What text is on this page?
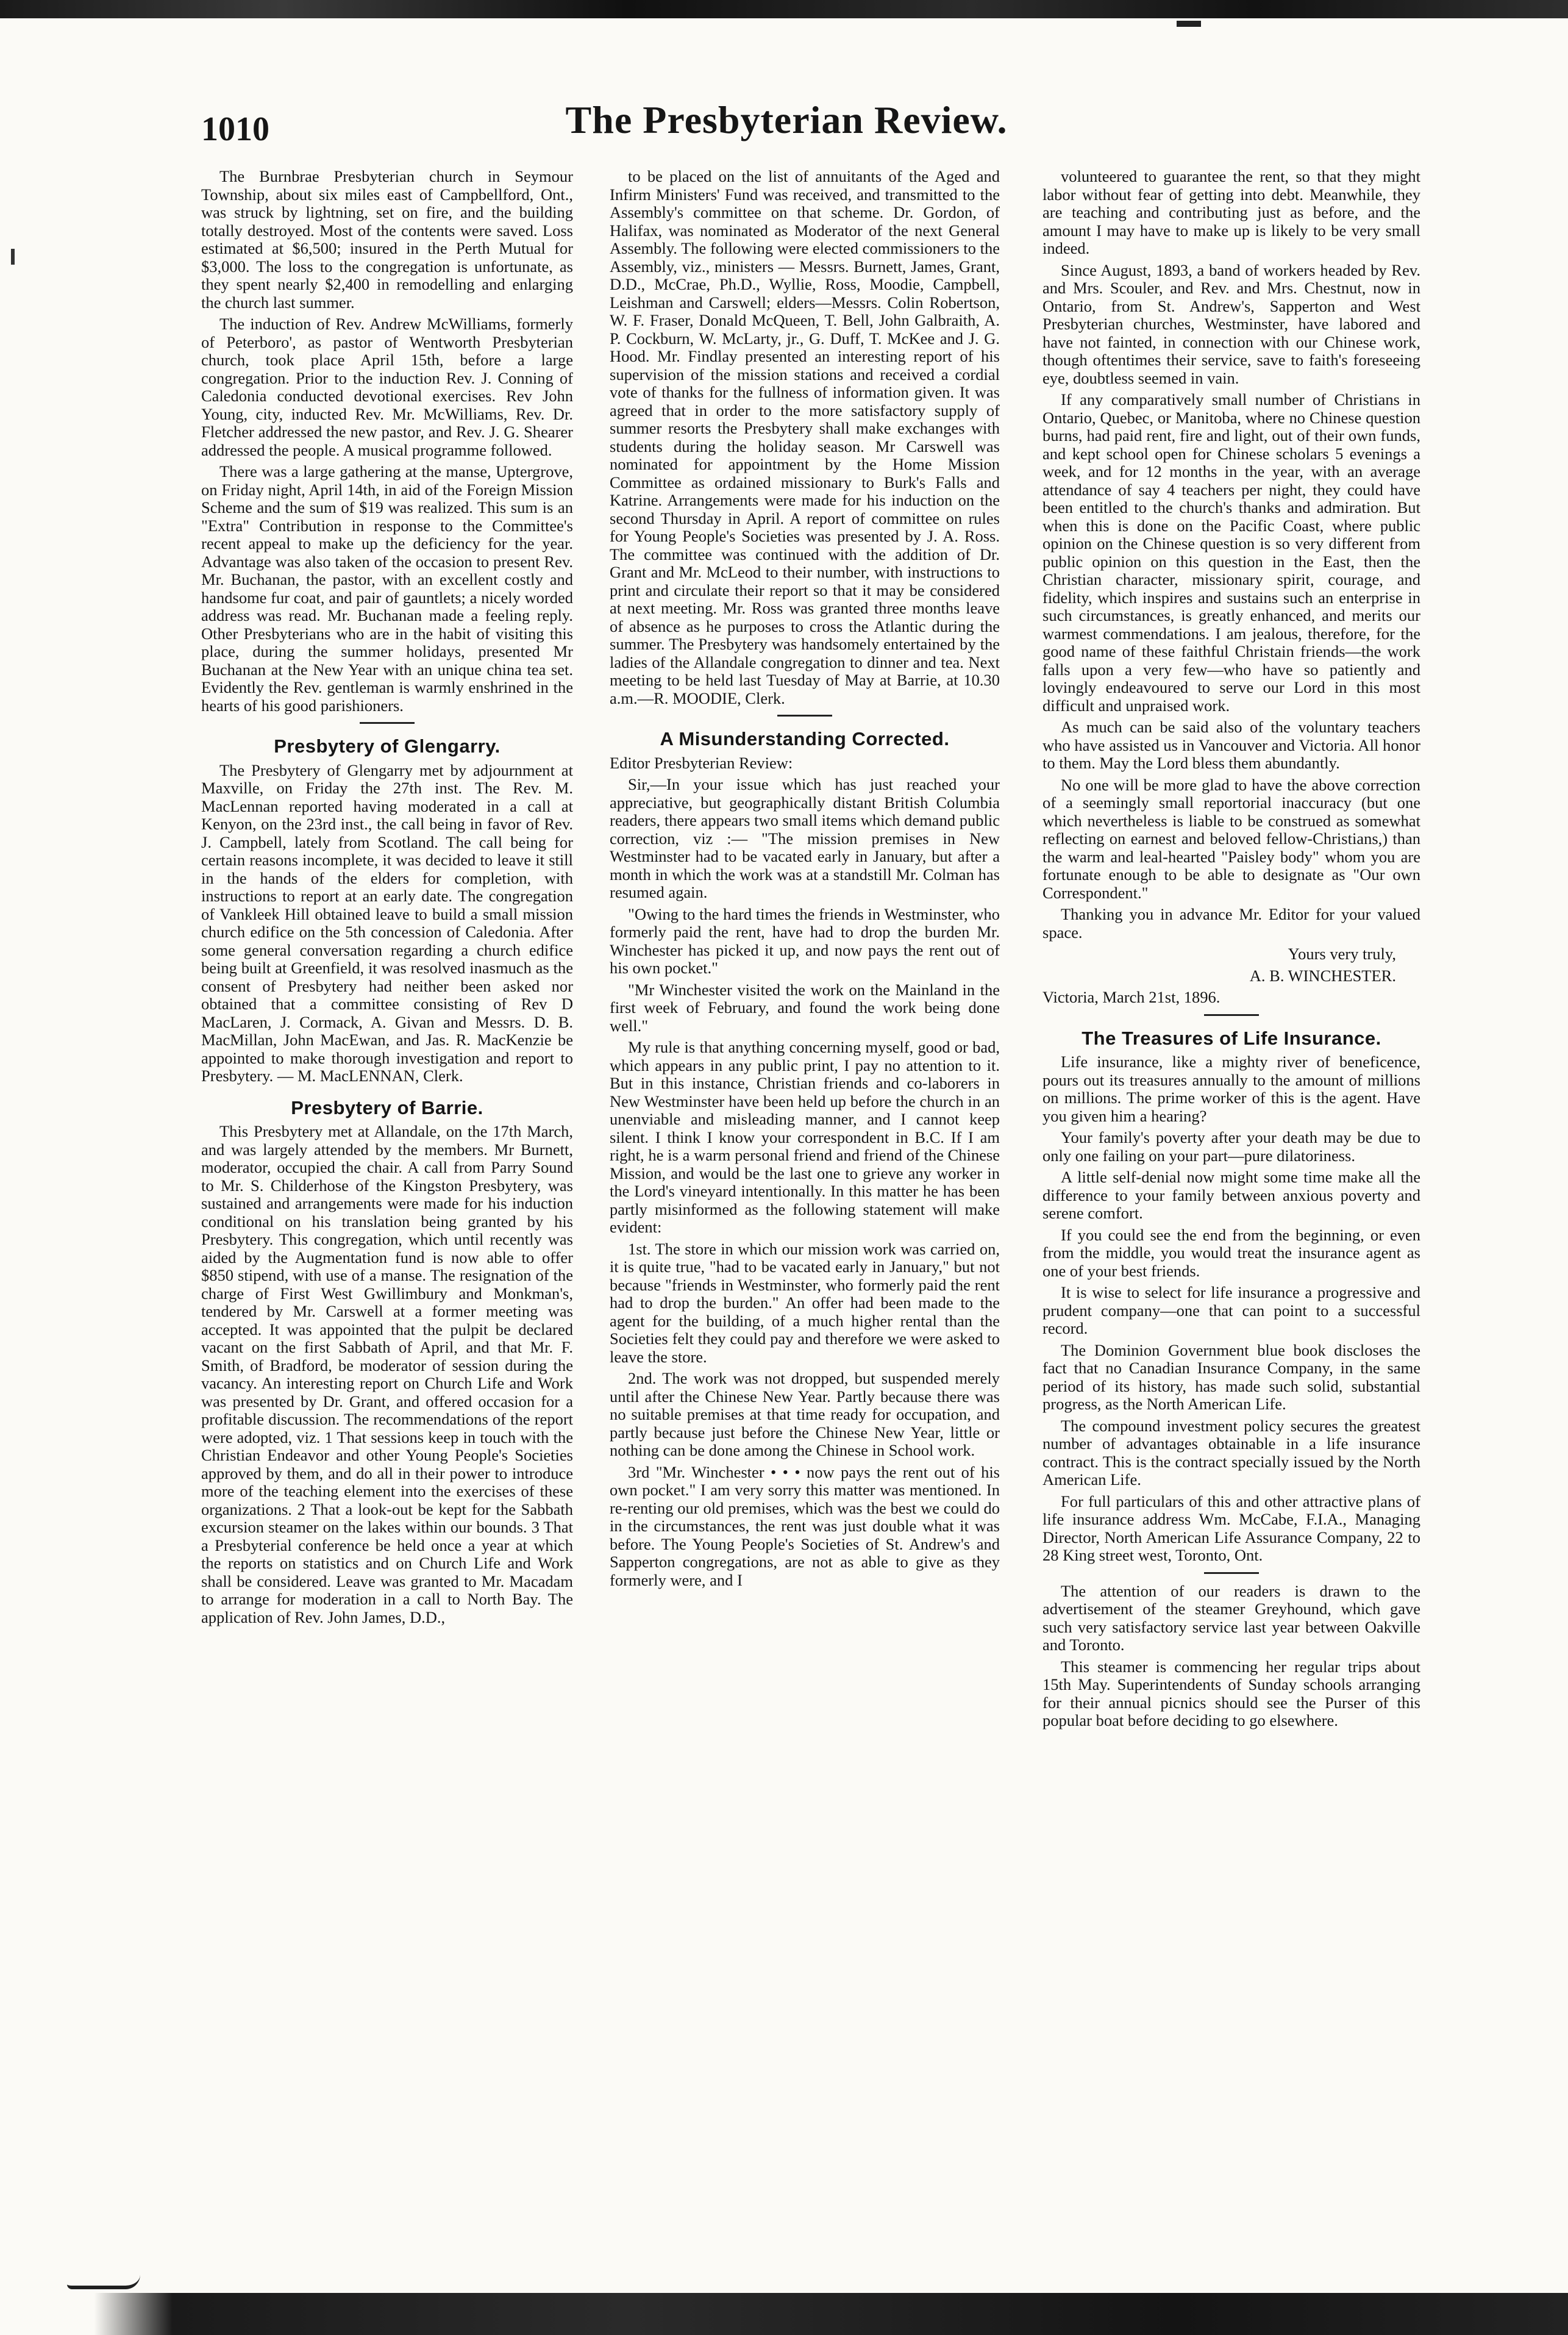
1010	The Presbyterian Review.

The Burnbrae Presbyterian church in Seymour Township, about six miles east of Campbellford, Ont., was struck by lightning, set on fire, and the building totally destroyed. Most of the contents were saved. Loss estimated at $6,500; insured in the Perth Mutual for $3,000. The loss to the congregation is unfortunate, as they spent nearly $2,400 in remodelling and enlarging the church last summer.

The induction of Rev. Andrew McWilliams, formerly of Peterboro', as pastor of Wentworth Presbyterian church, took place April 15th, before a large congregation. Prior to the induction Rev. J. Conning of Caledonia conducted devotional exercises. Rev John Young, city, inducted Rev. Mr. McWilliams, Rev. Dr. Fletcher addressed the new pastor, and Rev. J. G. Shearer addressed the people. A musical programme followed.

There was a large gathering at the manse, Uptergrove, on Friday night, April 14th, in aid of the Foreign Mission Scheme and the sum of $19 was realized. This sum is an "Extra" Contribution in response to the Committee's recent appeal to make up the deficiency for the year. Advantage was also taken of the occasion to present Rev. Mr. Buchanan, the pastor, with an excellent costly and handsome fur coat, and pair of gauntlets; a nicely worded address was read. Mr. Buchanan made a feeling reply. Other Presbyterians who are in the habit of visiting this place, during the summer holidays, presented Mr Buchanan at the New Year with an unique china tea set. Evidently the Rev. gentleman is warmly enshrined in the hearts of his good parishioners.

Presbytery of Glengarry.

The Presbytery of Glengarry met by adjournment at Maxville, on Friday the 27th inst. The Rev. M. MacLennan reported having moderated in a call at Kenyon, on the 23rd inst., the call being in favor of Rev. J. Campbell, lately from Scotland. The call being for certain reasons incomplete, it was decided to leave it still in the hands of the elders for completion, with instructions to report at an early date. The congregation of Vankleek Hill obtained leave to build a small mission church edifice on the 5th concession of Caledonia. After some general conversation regarding a church edifice being built at Greenfield, it was resolved inasmuch as the consent of Presbytery had neither been asked nor obtained that a committee consisting of Rev D MacLaren, J. Cormack, A. Givan and Messrs. D. B. MacMillan, John MacEwan, and Jas. R. MacKenzie be appointed to make thorough investigation and report to Presbytery. — M. MacLENNAN, Clerk.

Presbytery of Barrie.

This Presbytery met at Allandale, on the 17th March, and was largely attended by the members. Mr Burnett, moderator, occupied the chair. A call from Parry Sound to Mr. S. Childerhose of the Kingston Presbytery, was sustained and arrangements were made for his induction conditional on his translation being granted by his Presbytery. This congregation, which until recently was aided by the Augmentation fund is now able to offer $850 stipend, with use of a manse. The resignation of the charge of First West Gwillimbury and Monkman's, tendered by Mr. Carswell at a former meeting was accepted. It was appointed that the pulpit be declared vacant on the first Sabbath of April, and that Mr. F. Smith, of Bradford, be moderator of session during the vacancy. An interesting report on Church Life and Work was presented by Dr. Grant, and offered occasion for a profitable discussion. The recommendations of the report were adopted, viz. 1 That sessions keep in touch with the Christian Endeavor and other Young People's Societies approved by them, and do all in their power to introduce more of the teaching element into the exercises of these organizations. 2 That a look-out be kept for the Sabbath excursion steamer on the lakes within our bounds. 3 That a Presbyterial conference be held once a year at which the reports on statistics and on Church Life and Work shall be considered. Leave was granted to Mr. Macadam to arrange for moderation in a call to North Bay. The application of Rev. John James, D.D.,

to be placed on the list of annuitants of the Aged and Infirm Ministers' Fund was received, and transmitted to the Assembly's committee on that scheme. Dr. Gordon, of Halifax, was nominated as Moderator of the next General Assembly. The following were elected commissioners to the Assembly, viz., ministers — Messrs. Burnett, James, Grant, D.D., McCrae, Ph.D., Wyllie, Ross, Moodie, Campbell, Leishman and Carswell; elders—Messrs. Colin Robertson, W. F. Fraser, Donald McQueen, T. Bell, John Galbraith, A. P. Cockburn, W. McLarty, jr., G. Duff, T. McKee and J. G. Hood. Mr. Findlay presented an interesting report of his supervision of the mission stations and received a cordial vote of thanks for the fullness of information given. It was agreed that in order to the more satisfactory supply of summer resorts the Presbytery shall make exchanges with students during the holiday season. Mr Carswell was nominated for appointment by the Home Mission Committee as ordained missionary to Burk's Falls and Katrine. Arrangements were made for his induction on the second Thursday in April. A report of committee on rules for Young People's Societies was presented by J. A. Ross. The committee was continued with the addition of Dr. Grant and Mr. McLeod to their number, with instructions to print and circulate their report so that it may be considered at next meeting. Mr. Ross was granted three months leave of absence as he purposes to cross the Atlantic during the summer. The Presbytery was handsomely entertained by the ladies of the Allandale congregation to dinner and tea. Next meeting to be held last Tuesday of May at Barrie, at 10.30 a.m.—R. MOODIE, Clerk.

A Misunderstanding Corrected.

Editor Presbyterian Review:

Sir,—In your issue which has just reached your appreciative, but geographically distant British Columbia readers, there appears two small items which demand public correction, viz :— "The mission premises in New Westminster had to be vacated early in January, but after a month in which the work was at a standstill Mr. Colman has resumed again.

"Owing to the hard times the friends in Westminster, who formerly paid the rent, have had to drop the burden Mr. Winchester has picked it up, and now pays the rent out of his own pocket."

"Mr Winchester visited the work on the Mainland in the first week of February, and found the work being done well."

My rule is that anything concerning myself, good or bad, which appears in any public print, I pay no attention to it. But in this instance, Christian friends and co-laborers in New Westminster have been held up before the church in an unenviable and misleading manner, and I cannot keep silent. I think I know your correspondent in B.C. If I am right, he is a warm personal friend and friend of the Chinese Mission, and would be the last one to grieve any worker in the Lord's vineyard intentionally. In this matter he has been partly misinformed as the following statement will make evident:

1st. The store in which our mission work was carried on, it is quite true, "had to be vacated early in January," but not because "friends in Westminster, who formerly paid the rent had to drop the burden." An offer had been made to the agent for the building, of a much higher rental than the Societies felt they could pay and therefore we were asked to leave the store.

2nd. The work was not dropped, but suspended merely until after the Chinese New Year. Partly because there was no suitable premises at that time ready for occupation, and partly because just before the Chinese New Year, little or nothing can be done among the Chinese in School work.

3rd "Mr. Winchester • • • now pays the rent out of his own pocket." I am very sorry this matter was mentioned. In re-renting our old premises, which was the best we could do in the circumstances, the rent was just double what it was before. The Young People's Societies of St. Andrew's and Sapperton congregations, are not as able to give as they formerly were, and I

volunteered to guarantee the rent, so that they might labor without fear of getting into debt. Meanwhile, they are teaching and contributing just as before, and the amount I may have to make up is likely to be very small indeed.

Since August, 1893, a band of workers headed by Rev. and Mrs. Scouler, and Rev. and Mrs. Chestnut, now in Ontario, from St. Andrew's, Sapperton and West Presbyterian churches, Westminster, have labored and have not fainted, in connection with our Chinese work, though oftentimes their service, save to faith's foreseeing eye, doubtless seemed in vain.

If any comparatively small number of Christians in Ontario, Quebec, or Manitoba, where no Chinese question burns, had paid rent, fire and light, out of their own funds, and kept school open for Chinese scholars 5 evenings a week, and for 12 months in the year, with an average attendance of say 4 teachers per night, they could have been entitled to the church's thanks and admiration. But when this is done on the Pacific Coast, where public opinion on the Chinese question is so very different from public opinion on this question in the East, then the Christian character, missionary spirit, courage, and fidelity, which inspires and sustains such an enterprise in such circumstances, is greatly enhanced, and merits our warmest commendations. I am jealous, therefore, for the good name of these faithful Christain friends—the work falls upon a very few—who have so patiently and lovingly endeavoured to serve our Lord in this most difficult and unpraised work.

As much can be said also of the voluntary teachers who have assisted us in Vancouver and Victoria. All honor to them. May the Lord bless them abundantly.

No one will be more glad to have the above correction of a seemingly small reportorial inaccuracy (but one which nevertheless is liable to be construed as somewhat reflecting on earnest and beloved fellow-Christians,) than the warm and leal-hearted "Paisley body" whom you are fortunate enough to be able to designate as "Our own Correspondent."

Thanking you in advance Mr. Editor for your valued space.

Yours very truly,

A. B. WINCHESTER.

Victoria, March 21st, 1896.

The Treasures of Life Insurance.

Life insurance, like a mighty river of beneficence, pours out its treasures annually to the amount of millions on millions. The prime worker of this is the agent. Have you given him a hearing?

Your family's poverty after your death may be due to only one failing on your part—pure dilatoriness.

A little self-denial now might some time make all the difference to your family between anxious poverty and serene comfort.

If you could see the end from the beginning, or even from the middle, you would treat the insurance agent as one of your best friends.

It is wise to select for life insurance a progressive and prudent company—one that can point to a successful record.

The Dominion Government blue book discloses the fact that no Canadian Insurance Company, in the same period of its history, has made such solid, substantial progress, as the North American Life.

The compound investment policy secures the greatest number of advantages obtainable in a life insurance contract. This is the contract specially issued by the North American Life.

For full particulars of this and other attractive plans of life insurance address Wm. McCabe, F.I.A., Managing Director, North American Life Assurance Company, 22 to 28 King street west, Toronto, Ont.

The attention of our readers is drawn to the advertisement of the steamer Greyhound, which gave such very satisfactory service last year between Oakville and Toronto.

This steamer is commencing her regular trips about 15th May. Superintendents of Sunday schools arranging for their annual picnics should see the Purser of this popular boat before deciding to go elsewhere.
